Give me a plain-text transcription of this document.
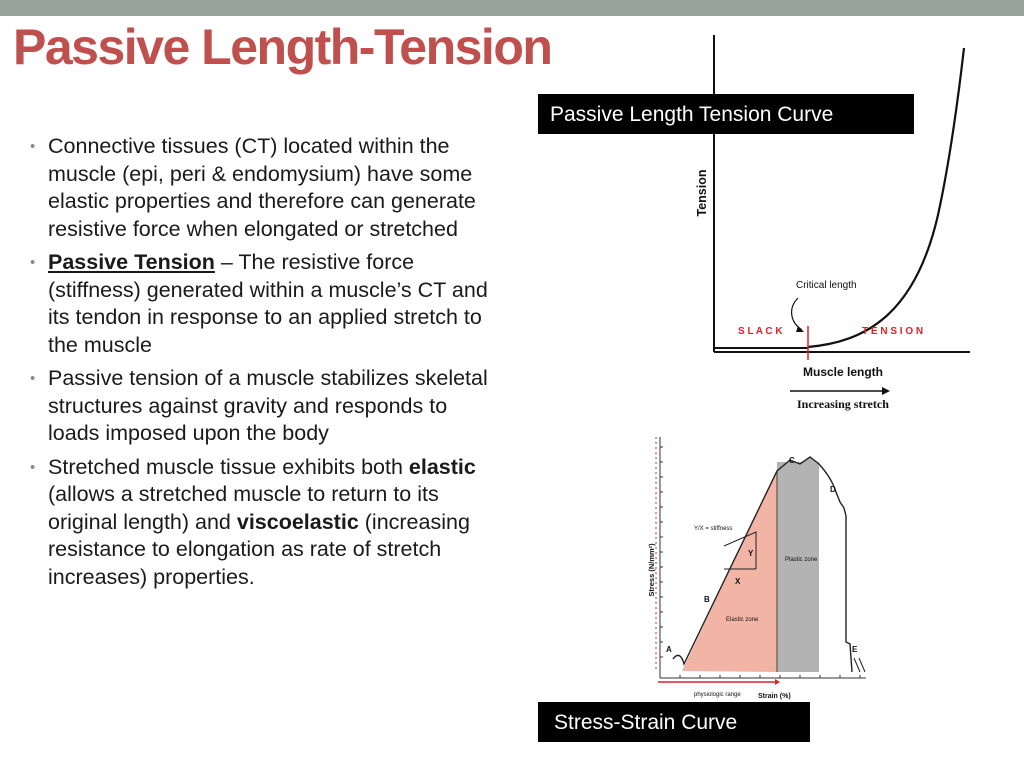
Passive Length-Tension
• Connective tissues (CT) located within the muscle (epi, peri & endomysium) have some elastic properties and therefore can generate resistive force when elongated or stretched
• Passive Tension – The resistive force (stiffness) generated within a muscle’s CT and its tendon in response to an applied stretch to the muscle
• Passive tension of a muscle stabilizes skeletal structures against gravity and responds to loads imposed upon the body
• Stretched muscle tissue exhibits both elastic (allows a stretched muscle to return to its original length) and viscoelastic (increasing resistance to elongation as rate of stretch increases) properties.
Tension
Critical length
S L A C K	T E N S I O N
Muscle length
Increasing stretch
Stress (N/mm²)
Strain (%)
physiologic range
Y/X = stiffness
X
Y
Elastic zone
Plastic zone
A
B
C
D
E
Passive Length Tension Curve
Stress-Strain Curve
